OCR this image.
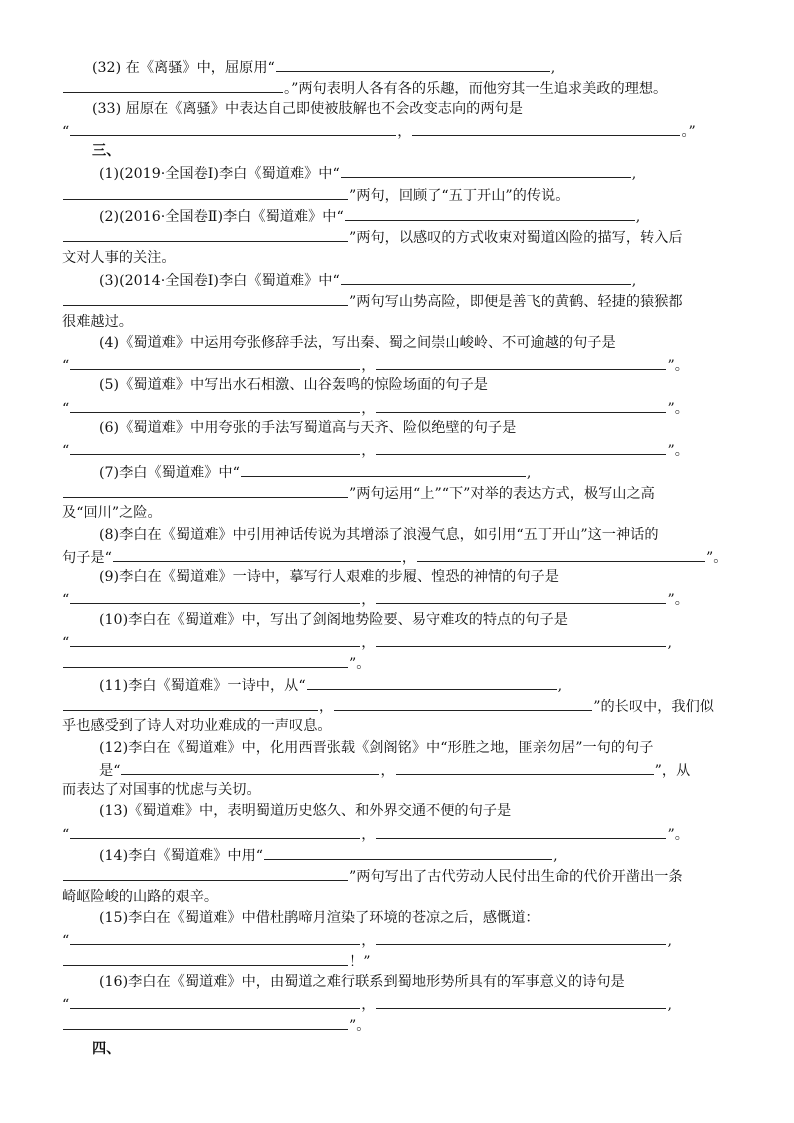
(32) 在《离骚》中，屈原用“	,
。”两句表明人各有各的乐趣，而他穷其一生追求美政的理想。
(33) 屈原在《离骚》中表达自己即使被肢解也不会改变志向的两句是
“	，	。”
三、
(1)(2019·全国卷Ⅰ)李白《蜀道难》中“	,
”两句，回顾了“五丁开山”的传说。
(2)(2016·全国卷Ⅱ)李白《蜀道难》中“	,
”两句，以感叹的方式收束对蜀道凶险的描写，转入后
文对人事的关注。
(3)(2014·全国卷Ⅰ)李白《蜀道难》中“	,
”两句写山势高险，即便是善飞的黄鹤、轻捷的猿猴都
很难越过。
(4)《蜀道难》中运用夸张修辞手法，写出秦、蜀之间崇山峻岭、不可逾越的句子是
“	，	”。
(5)《蜀道难》中写出水石相激、山谷轰鸣的惊险场面的句子是
“	，	”。
(6)《蜀道难》中用夸张的手法写蜀道高与天齐、险似绝壁的句子是
“	，	”。
(7)李白《蜀道难》中“	,
”两句运用“上”“下”对举的表达方式，极写山之高
及“回川”之险。
(8)李白在《蜀道难》中引用神话传说为其增添了浪漫气息，如引用“五丁开山”这一神话的
句子是“	，	”。
(9)李白在《蜀道难》一诗中，摹写行人艰难的步履、惶恐的神情的句子是
“	，	”。
(10)李白在《蜀道难》中，写出了剑阁地势险要、易守难攻的特点的句子是
“	，	,
”。
(11)李白《蜀道难》一诗中，从“	,
，	”的长叹中，我们似
乎也感受到了诗人对功业难成的一声叹息。
(12)李白在《蜀道难》中，化用西晋张载《剑阁铭》中“形胜之地，匪亲勿居”一句的句子
是“	，	”，从
而表达了对国事的忧虑与关切。
(13)《蜀道难》中，表明蜀道历史悠久、和外界交通不便的句子是
“	，	”。
(14)李白《蜀道难》中用“	,
”两句写出了古代劳动人民付出生命的代价开凿出一条
崎岖险峻的山路的艰辛。
(15)李白在《蜀道难》中借杜鹃啼月渲染了环境的苍凉之后，感慨道：
“	，	,
！”
(16)李白在《蜀道难》中，由蜀道之难行联系到蜀地形势所具有的军事意义的诗句是
“	，	,
”。
四、
